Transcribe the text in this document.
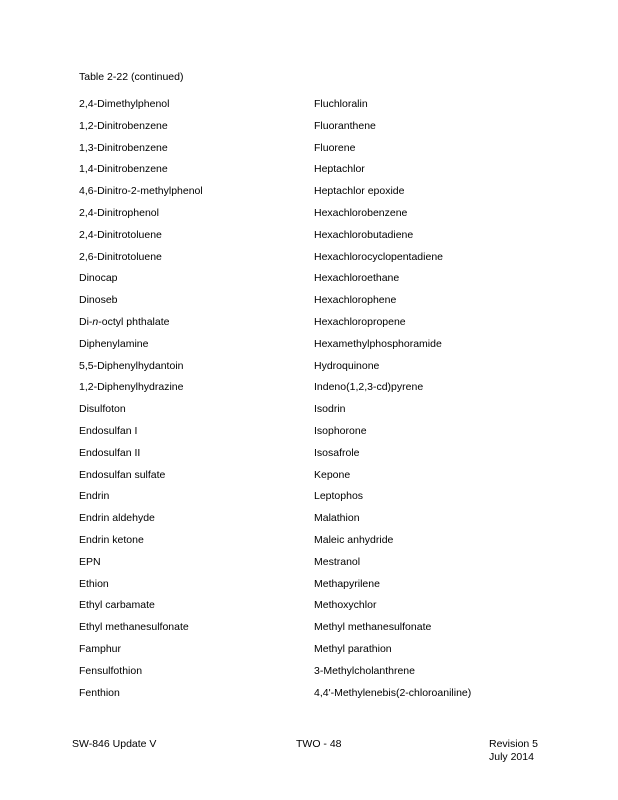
Table 2-22 (continued)
2,4-Dimethylphenol
1,2-Dinitrobenzene
1,3-Dinitrobenzene
1,4-Dinitrobenzene
4,6-Dinitro-2-methylphenol
2,4-Dinitrophenol
2,4-Dinitrotoluene
2,6-Dinitrotoluene
Dinocap
Dinoseb
Di-n-octyl phthalate
Diphenylamine
5,5-Diphenylhydantoin
1,2-Diphenylhydrazine
Disulfoton
Endosulfan I
Endosulfan II
Endosulfan sulfate
Endrin
Endrin aldehyde
Endrin ketone
EPN
Ethion
Ethyl carbamate
Ethyl methanesulfonate
Famphur
Fensulfothion
Fenthion
Fluchloralin
Fluoranthene
Fluorene
Heptachlor
Heptachlor epoxide
Hexachlorobenzene
Hexachlorobutadiene
Hexachlorocyclopentadiene
Hexachloroethane
Hexachlorophene
Hexachloropropene
Hexamethylphosphoramide
Hydroquinone
Indeno(1,2,3-cd)pyrene
Isodrin
Isophorone
Isosafrole
Kepone
Leptophos
Malathion
Maleic anhydride
Mestranol
Methapyrilene
Methoxychlor
Methyl methanesulfonate
Methyl parathion
3-Methylcholanthrene
4,4'-Methylenebis(2-chloroaniline)
SW-846 Update V	TWO - 48	Revision 5
July 2014
